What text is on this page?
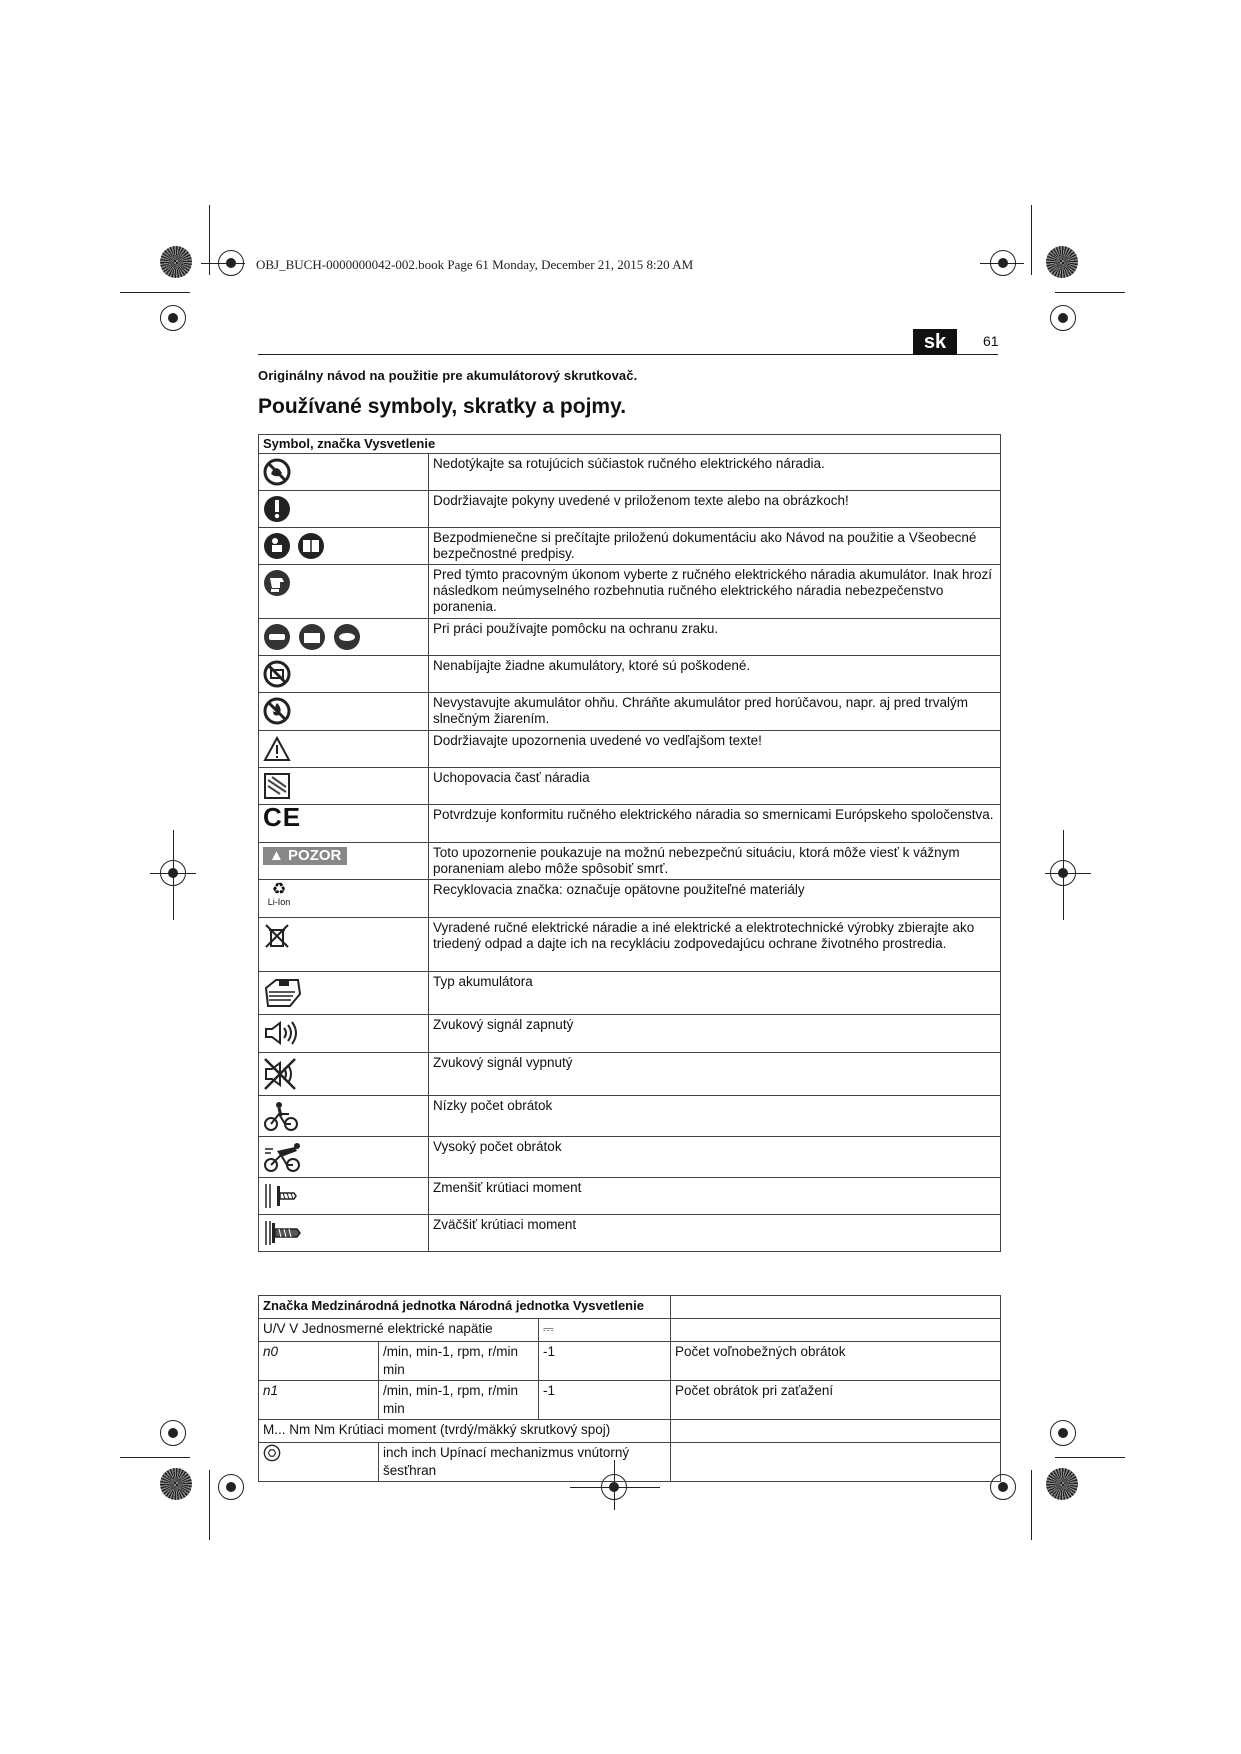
OBJ_BUCH-0000000042-002.book Page 61 Monday, December 21, 2015 8:20 AM
sk	61
Originálny návod na použitie pre akumulátorový skrutkovač.
Používané symboly, skratky a pojmy.
Symbol, značka Vysvetlenie	
	Nedotýkajte sa rotujúcich súčiastok ručného elektrického náradia.
	Dodržiavajte pokyny uvedené v priloženom texte alebo na obrázkoch!
	Bezpodmienečne si prečítajte priloženú dokumentáciu ako Návod na použitie a Všeobecné bezpečnostné predpisy.
	Pred týmto pracovným úkonom vyberte z ručného elektrického náradia akumulátor. Inak hrozí následkom neúmyselného rozbehnutia ručného elektrického náradia nebezpečenstvo poranenia.
	Pri práci používajte pomôcku na ochranu zraku.
	Nenabíjajte žiadne akumulátory, ktoré sú poškodené.
	Nevystavujte akumulátor ohňu. Chráňte akumulátor pred horúčavou, napr. aj pred trvalým slnečným žiarením.
	Dodržiavajte upozornenia uvedené vo vedľajšom texte!
	Uchopovacia časť náradia
CE	Potvrdzuje konformitu ručného elektrického náradia so smernicami Európskeho spoločenstva.
▲ POZOR	Toto upozornenie poukazuje na možnú nebezpečnú situáciu, ktorá môže viesť k vážnym poraneniam alebo môže spôsobiť smrť.

♻
Li-Ion	Recyklovacia značka: označuje opätovne použiteľné materiály
	Vyradené ručné elektrické náradie a iné elektrické a elektrotechnické výrobky zbierajte ako triedený odpad a dajte ich na recykláciu zodpovedajúcu ochrane životného prostredia.
	Typ akumulátora
	Zvukový signál zapnutý
	Zvukový signál vypnutý
	Nízky počet obrátok
	Vysoký počet obrátok
	Zmenšiť krútiaci moment
	Zväčšiť krútiaci moment
Značka Medzinárodná jednotka Národná jednotka Vysvetlenie			
U/V V Jednosmerné elektrické napätie		⎓	
n0	/min, min-1, rpm, r/min min	-1	Počet voľnobežných obrátok
n1	/min, min-1, rpm, r/min min	-1	Počet obrátok pri zaťažení
M... Nm Nm Krútiaci moment (tvrdý/mäkký skrutkový spoj)			
	inch inch Upínací mechanizmus vnútorný šesťhran		
